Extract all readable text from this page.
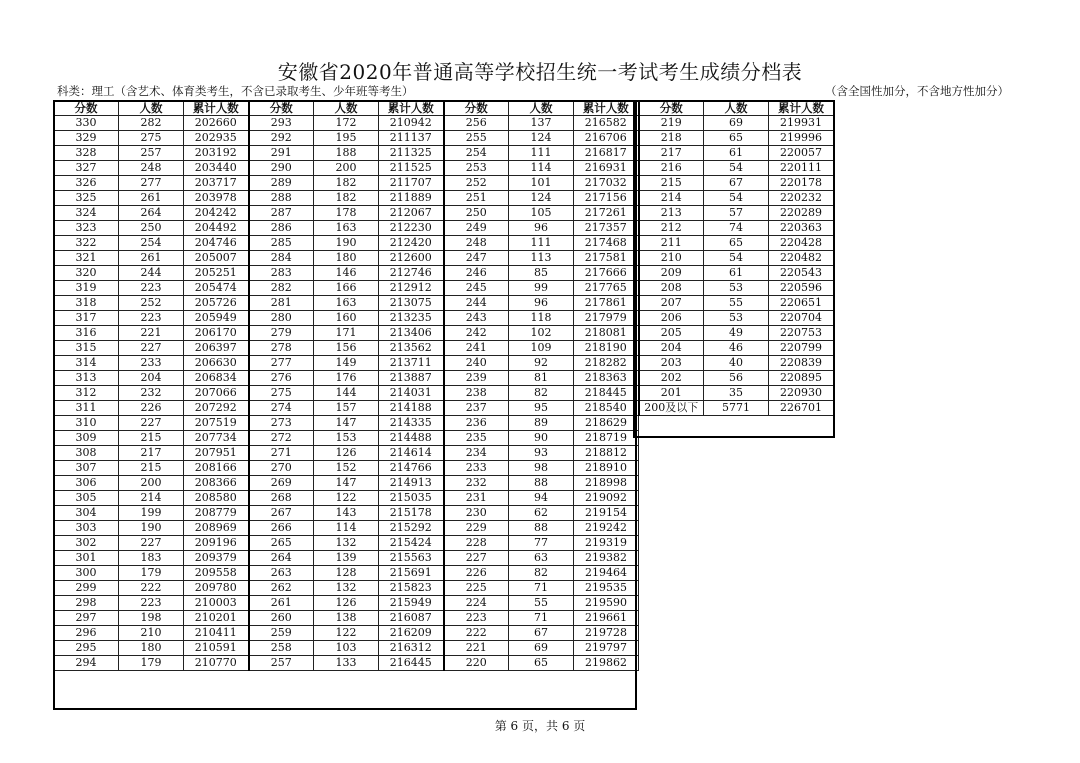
安徽省2020年普通高等学校招生统一考试考生成绩分档表
科类：理工（含艺术、体育类考生，不含已录取考生、少年班等考生）	（含全国性加分，不含地方性加分）
分数	人数	累计人数	分数	人数	累计人数	分数	人数	累计人数	分数	人数	累计人数
330	282	202660	293	172	210942	256	137	216582	219	69	219931
329	275	202935	292	195	211137	255	124	216706	218	65	219996
328	257	203192	291	188	211325	254	111	216817	217	61	220057
327	248	203440	290	200	211525	253	114	216931	216	54	220111
326	277	203717	289	182	211707	252	101	217032	215	67	220178
325	261	203978	288	182	211889	251	124	217156	214	54	220232
324	264	204242	287	178	212067	250	105	217261	213	57	220289
323	250	204492	286	163	212230	249	96	217357	212	74	220363
322	254	204746	285	190	212420	248	111	217468	211	65	220428
321	261	205007	284	180	212600	247	113	217581	210	54	220482
320	244	205251	283	146	212746	246	85	217666	209	61	220543
319	223	205474	282	166	212912	245	99	217765	208	53	220596
318	252	205726	281	163	213075	244	96	217861	207	55	220651
317	223	205949	280	160	213235	243	118	217979	206	53	220704
316	221	206170	279	171	213406	242	102	218081	205	49	220753
315	227	206397	278	156	213562	241	109	218190	204	46	220799
314	233	206630	277	149	213711	240	92	218282	203	40	220839
313	204	206834	276	176	213887	239	81	218363	202	56	220895
312	232	207066	275	144	214031	238	82	218445	201	35	220930
311	226	207292	274	157	214188	237	95	218540	200及以下	5771	226701
310	227	207519	273	147	214335	236	89	218629			
309	215	207734	272	153	214488	235	90	218719			
308	217	207951	271	126	214614	234	93	218812			
307	215	208166	270	152	214766	233	98	218910			
306	200	208366	269	147	214913	232	88	218998			
305	214	208580	268	122	215035	231	94	219092			
304	199	208779	267	143	215178	230	62	219154			
303	190	208969	266	114	215292	229	88	219242			
302	227	209196	265	132	215424	228	77	219319			
301	183	209379	264	139	215563	227	63	219382			
300	179	209558	263	128	215691	226	82	219464			
299	222	209780	262	132	215823	225	71	219535			
298	223	210003	261	126	215949	224	55	219590			
297	198	210201	260	138	216087	223	71	219661			
296	210	210411	259	122	216209	222	67	219728			
295	180	210591	258	103	216312	221	69	219797			
294	179	210770	257	133	216445	220	65	219862			
第 6 页，共 6 页
